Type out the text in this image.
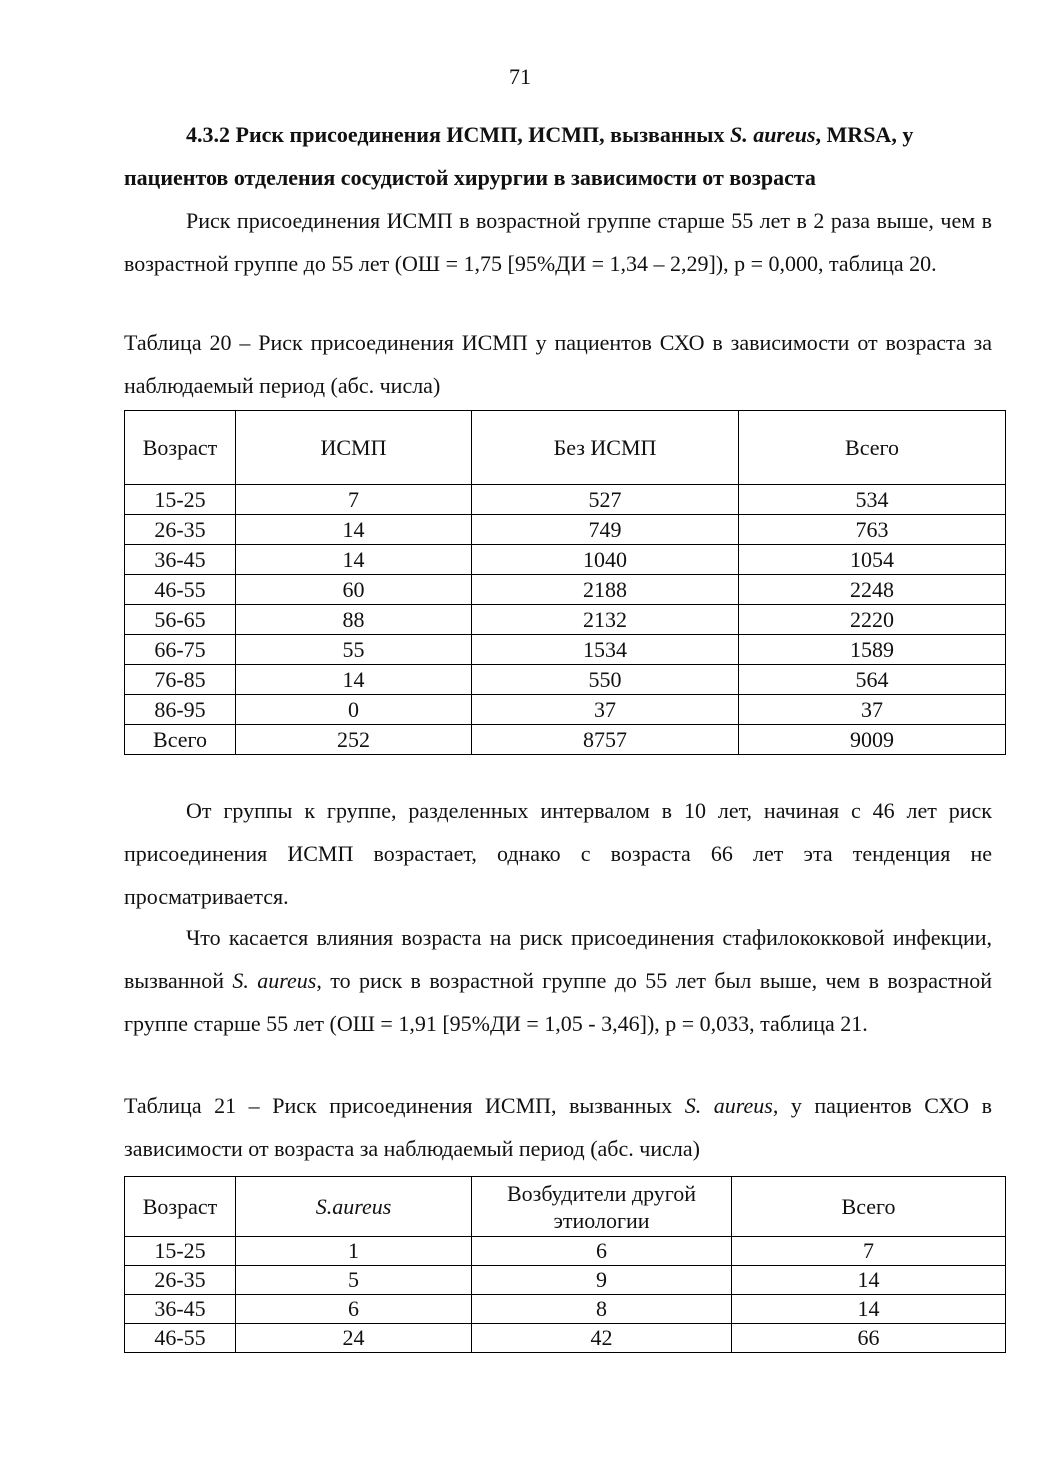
71
4.3.2 Риск присоединения ИСМП, ИСМП, вызванных S. aureus, MRSA, у пациентов отделения сосудистой хирургии в зависимости от возраста
Риск присоединения ИСМП в возрастной группе старше 55 лет в 2 раза выше, чем в возрастной группе до 55 лет (ОШ = 1,75 [95%ДИ = 1,34 – 2,29]), р = 0,000, таблица 20.
Таблица 20 – Риск присоединения ИСМП у пациентов СХО в зависимости от возраста за наблюдаемый период (абс. числа)
Возраст	ИСМП	Без ИСМП	Всего
15-25	7	527	534
26-35	14	749	763
36-45	14	1040	1054
46-55	60	2188	2248
56-65	88	2132	2220
66-75	55	1534	1589
76-85	14	550	564
86-95	0	37	37
Всего	252	8757	9009
От группы к группе, разделенных интервалом в 10 лет, начиная с 46 лет риск присоединения ИСМП возрастает, однако с возраста 66 лет эта тенденция не просматривается.
Что касается влияния возраста на риск присоединения стафилококковой инфекции, вызванной S. aureus, то риск в возрастной группе до 55 лет был выше, чем в возрастной группе старше 55 лет (ОШ = 1,91 [95%ДИ = 1,05 - 3,46]), р = 0,033, таблица 21.
Таблица 21 – Риск присоединения ИСМП, вызванных S. aureus, у пациентов СХО в зависимости от возраста за наблюдаемый период (абс. числа)
Возраст	S.aureus	Возбудители другой этиологии	Всего
15-25	1	6	7
26-35	5	9	14
36-45	6	8	14
46-55	24	42	66
